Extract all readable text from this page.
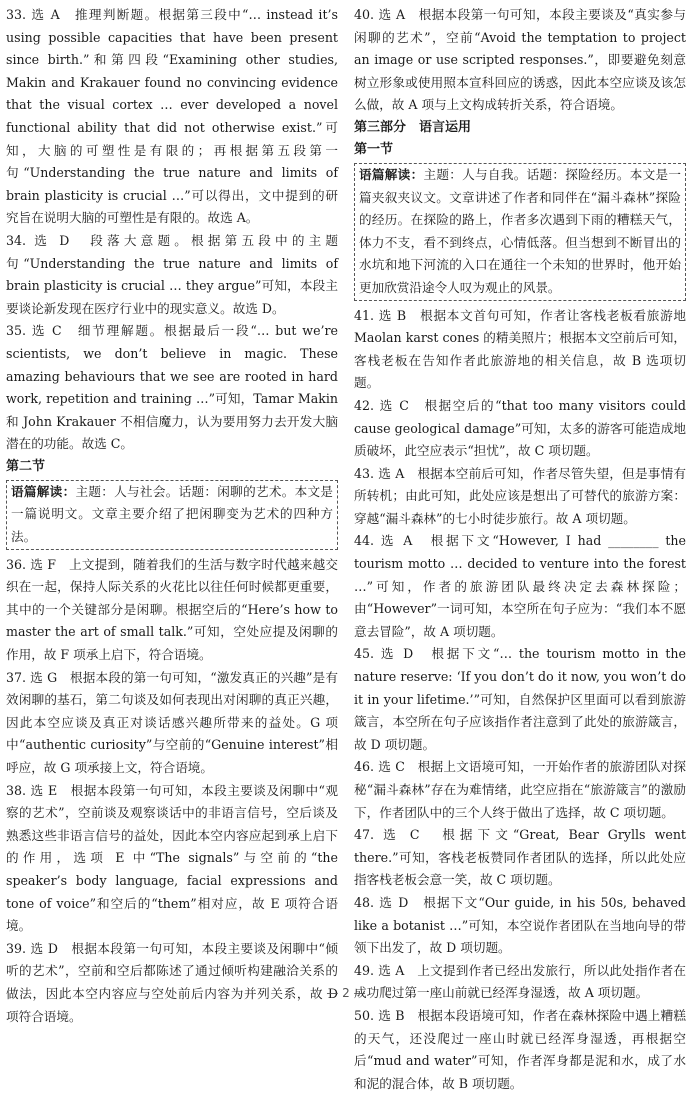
33. 选 A　推理判断题。根据第三段中“… instead it’s using possible capacities that have been present since birth.”和第四段“Examining other studies, Makin and Krakauer found no convincing evidence that the visual cortex … ever developed a novel functional ability that did not otherwise exist.”可知，大脑的可塑性是有限的；再根据第五段第一句“Understanding the true nature and limits of brain plasticity is crucial …”可以得出，文中提到的研究旨在说明大脑的可塑性是有限的。故选 A。

34. 选 D　段落大意题。根据第五段中的主题句“Understanding the true nature and limits of brain plasticity is crucial … they argue”可知，本段主要谈论新发现在医疗行业中的现实意义。故选 D。

35. 选 C　细节理解题。根据最后一段“… but we’re scientists, we don’t believe in magic. These amazing behaviours that we see are rooted in hard work, repetition and training …”可知，Tamar Makin 和 John Krakauer 不相信魔力，认为要用努力去开发大脑潜在的功能。故选 C。

第二节

语篇解读：主题：人与社会。话题：闲聊的艺术。本文是一篇说明文。文章主要介绍了把闲聊变为艺术的四种方法。

36. 选 F　上文提到，随着我们的生活与数字时代越来越交织在一起，保持人际关系的火花比以往任何时候都更重要，其中的一个关键部分是闲聊。根据空后的“Here’s how to master the art of small talk.”可知，空处应提及闲聊的作用，故 F 项承上启下，符合语境。

37. 选 G　根据本段的第一句可知，“激发真正的兴趣”是有效闲聊的基石，第二句谈及如何表现出对闲聊的真正兴趣，因此本空应谈及真正对谈话感兴趣所带来的益处。G 项中“authentic curiosity”与空前的“Genuine interest”相呼应，故 G 项承接上文，符合语境。

38. 选 E　根据本段第一句可知，本段主要谈及闲聊中“观察的艺术”，空前谈及观察谈话中的非语言信号，空后谈及熟悉这些非语言信号的益处，因此本空内容应起到承上启下的作用，选项 E 中“The signals”与空前的“the speaker’s body language, facial expressions and tone of voice”和空后的“them”相对应，故 E 项符合语境。

39. 选 D　根据本段第一句可知，本段主要谈及闲聊中“倾听的艺术”，空前和空后都陈述了通过倾听构建融洽关系的做法，因此本空内容应与空处前后内容为并列关系，故 D 项符合语境。

40. 选 A　根据本段第一句可知，本段主要谈及“真实参与闲聊的艺术”，空前“Avoid the temptation to project an image or use scripted responses.”，即要避免刻意树立形象或使用照本宣科回应的诱惑，因此本空应谈及该怎么做，故 A 项与上文构成转折关系，符合语境。

第三部分　语言运用

第一节

语篇解读：主题：人与自我。话题：探险经历。本文是一篇夹叙夹议文。文章讲述了作者和同伴在“漏斗森林”探险的经历。在探险的路上，作者多次遇到下雨的糟糕天气，体力不支，看不到终点，心情低落。但当想到不断冒出的水坑和地下河流的入口在通往一个未知的世界时，他开始更加欣赏沿途令人叹为观止的风景。

41. 选 B　根据本文首句可知，作者让客栈老板看旅游地 Maolan karst cones 的精美照片；根据本文空前后可知，客栈老板在告知作者此旅游地的相关信息，故 B 选项切题。

42. 选 C　根据空后的“that too many visitors could cause geological damage”可知，太多的游客可能造成地质破坏，此空应表示“担忧”，故 C 项切题。

43. 选 A　根据本空前后可知，作者尽管失望，但是事情有所转机；由此可知，此处应该是想出了可替代的旅游方案：穿越“漏斗森林”的七小时徒步旅行。故 A 项切题。

44. 选 A　根据下文“However, I had ________ the tourism motto … decided to venture into the forest …”可知，作者的旅游团队最终决定去森林探险；由“However”一词可知，本空所在句子应为：“我们本不愿意去冒险”，故 A 项切题。

45. 选 D　根据下文“… the tourism motto in the nature reserve: ‘If you don’t do it now, you won’t do it in your lifetime.’”可知，自然保护区里面可以看到旅游箴言，本空所在句子应该指作者注意到了此处的旅游箴言，故 D 项切题。

46. 选 C　根据上文语境可知，一开始作者的旅游团队对探秘“漏斗森林”存在为难情绪，此空应指在“旅游箴言”的激励下，作者团队中的三个人终于做出了选择，故 C 项切题。

47. 选 C　根据下文“Great, Bear Grylls went there.”可知，客栈老板赞同作者团队的选择，所以此处应指客栈老板会意一笑，故 C 项切题。

48. 选 D　根据下文“Our guide, in his 50s, behaved like a botanist …”可知，本空说作者团队在当地向导的带领下出发了，故 D 项切题。

49. 选 A　上文提到作者已经出发旅行，所以此处指作者在成功爬过第一座山前就已经浑身湿透，故 A 项切题。

50. 选 B　根据本段语境可知，作者在森林探险中遇上糟糕的天气，还没爬过一座山时就已经浑身湿透，再根据空后“mud and water”可知，作者浑身都是泥和水，成了水和泥的混合体，故 B 项切题。

— 2 —
